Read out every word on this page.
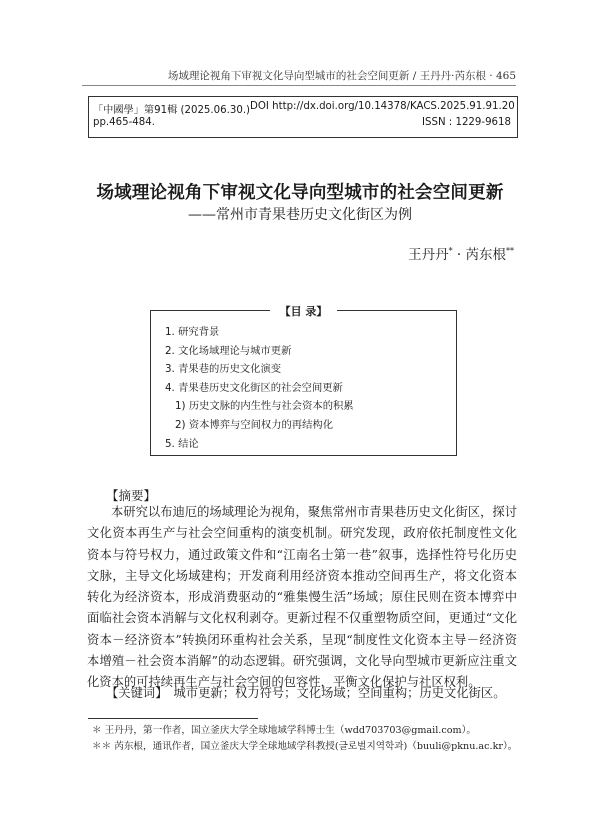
场域理论视角下审视文化导向型城市的社会空间更新 / 王丹丹·芮东根 · 465
「中國學」第91輯 (2025.06.30.) DOI http://dx.doi.org/10.14378/KACS.2025.91.91.20
pp.465-484.	ISSN : 1229-9618
场域理论视角下审视文化导向型城市的社会空间更新
——常州市青果巷历史文化街区为例
王丹丹* · 芮东根**
【目 录】
1. 研究背景
2. 文化场域理论与城市更新
3. 青果巷的历史文化演变
4. 青果巷历史文化街区的社会空间更新
1) 历史文脉的内生性与社会资本的积累
2) 资本博弈与空间权力的再结构化
5. 结论
【摘要】

本研究以布迪厄的场域理论为视角，聚焦常州市青果巷历史文化街区，探讨文化资本再生产与社会空间重构的演变机制。研究发现，政府依托制度性文化资本与符号权力，通过政策文件和“江南名士第一巷”叙事，选择性符号化历史文脉，主导文化场域建构；开发商利用经济资本推动空间再生产，将文化资本转化为经济资本，形成消费驱动的“雅集慢生活”场域；原住民则在资本博弈中面临社会资本消解与文化权利剥夺。更新过程不仅重塑物质空间，更通过“文化资本－经济资本”转换闭环重构社会关系，呈现“制度性文化资本主导－经济资本增殖－社会资本消解”的动态逻辑。研究强调，文化导向型城市更新应注重文化资本的可持续再生产与社会空间的包容性，平衡文化保护与社区权利。

【关键词】 城市更新；权力符号；文化场域；空间重构；历史文化街区。
＊ 王丹丹，第一作者，国立釜庆大学全球地域学科博士生（wdd703703@gmail.com）。
＊＊ 芮东根，通讯作者，国立釜庆大学全球地域学科教授(글로벌지역학과)（buuli@pknu.ac.kr）。
